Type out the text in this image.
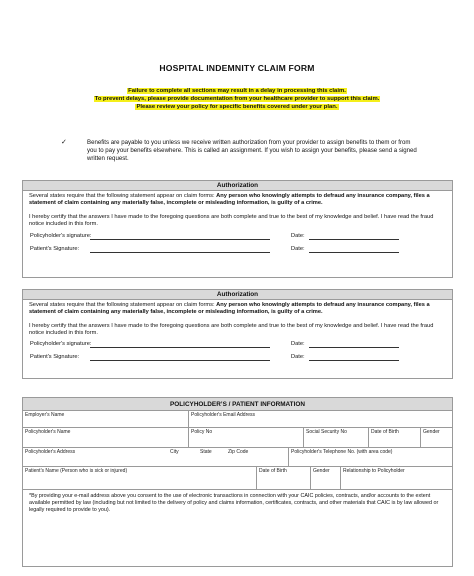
HOSPITAL INDEMNITY CLAIM FORM
Failure to complete all sections may result in a delay in processing this claim.
To prevent delays, please provide documentation from your healthcare provider to support this claim.
Please review your policy for specific benefits covered under your plan.
✓	Benefits are payable to you unless we receive written authorization from your provider to assign benefits to them or from you to pay your benefits elsewhere. This is called an assignment. If you wish to assign your benefits, please send a signed written request.
Authorization
Several states require that the following statement appear on claim forms: Any person who knowingly attempts to defraud any insurance company, files a statement of claim containing any materially false, incomplete or misleading information, is guilty of a crime.
I hereby certify that the answers I have made to the foregoing questions are both complete and true to the best of my knowledge and belief. I have read the fraud notice included in this form.
Policyholder's signature:	Date:
Patient's Signature:	Date:
Authorization
Several states require that the following statement appear on claim forms: Any person who knowingly attempts to defraud any insurance company, files a statement of claim containing any materially false, incomplete or misleading information, is guilty of a crime.
I hereby certify that the answers I have made to the foregoing questions are both complete and true to the best of my knowledge and belief. I have read the fraud notice included in this form.
Policyholder's signature:	Date:
Patient's Signature:	Date:
POLICYHOLDER’S / PATIENT INFORMATION
Employer's Name	Policyholder's Email Address
Policyholder's Name	Policy No	Social Security No	Date of Birth	Gender
Policyholder's Address	City	State	Zip Code	Policyholder's Telephone No. (with area code)
Patient's Name (Person who is sick or injured)	Date of Birth	Gender	Relationship to Policyholder
*By providing your e-mail address above you consent to the use of electronic transactions in connection with your CAIC policies, contracts, and/or accounts to the extent available permitted by law (including but not limited to the delivery of policy and claims information, certificates, contracts, and other materials that CAIC is by law allowed or legally required to provide to you).
